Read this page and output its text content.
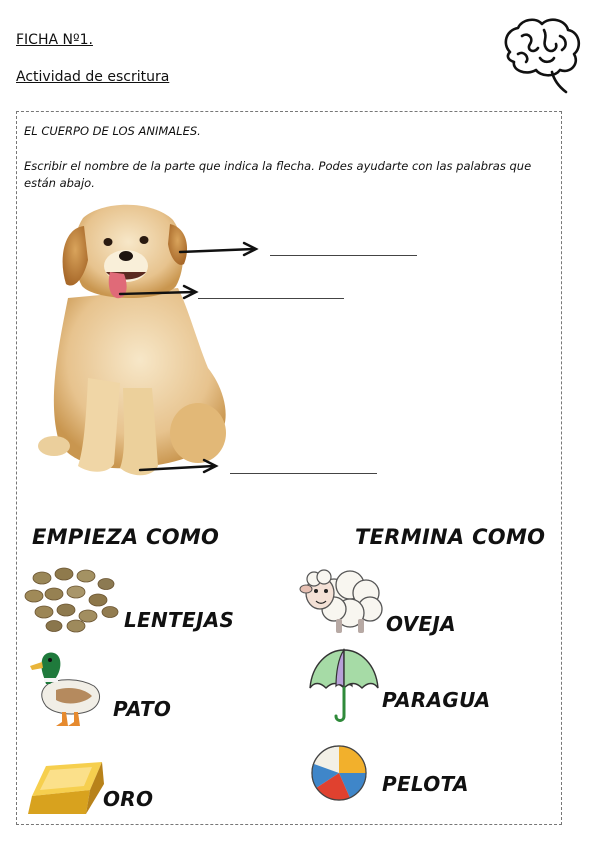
FICHA Nº1.
Actividad de escritura
EL CUERPO DE LOS ANIMALES.
Escribir el nombre de la parte que indica la flecha. Podes ayudarte con las palabras que
están abajo.
EMPIEZA COMO	TERMINA COMO
LENTEJAS
PATO
ORO
OVEJA
PARAGUA
PELOTA
